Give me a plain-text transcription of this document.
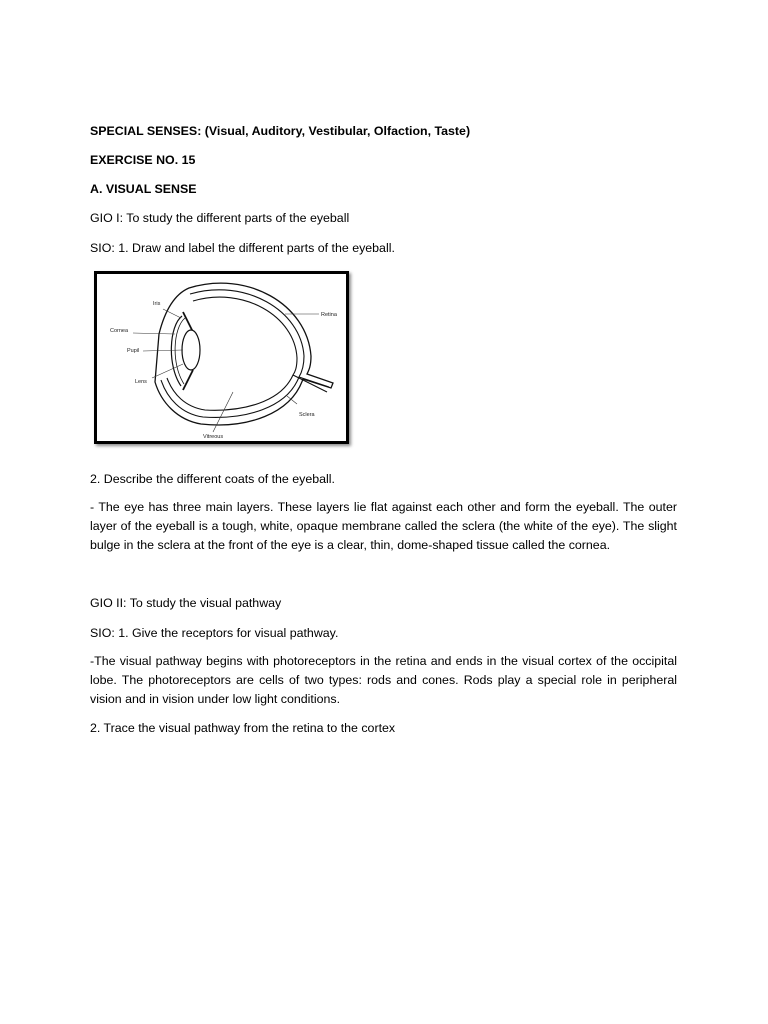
SPECIAL SENSES: (Visual, Auditory, Vestibular, Olfaction, Taste)
EXERCISE NO. 15
A. VISUAL SENSE
GIO I: To study the different parts of the eyeball
SIO: 1. Draw and label the different parts of the eyeball.
Iris
Cornea
Pupil
Lens
Vitreous
Retina
Sclera
2. Describe the different coats of the eyeball.
- The eye has three main layers. These layers lie flat against each other and form the eyeball. The outer layer of the eyeball is a tough, white, opaque membrane called the sclera (the white of the eye). The slight bulge in the sclera at the front of the eye is a clear, thin, dome-shaped tissue called the cornea.
GIO II: To study the visual pathway
SIO: 1. Give the receptors for visual pathway.
-The visual pathway begins with photoreceptors in the retina and ends in the visual cortex of the occipital lobe. The photoreceptors are cells of two types: rods and cones. Rods play a special role in peripheral vision and in vision under low light conditions.
2. Trace the visual pathway from the retina to the cortex
